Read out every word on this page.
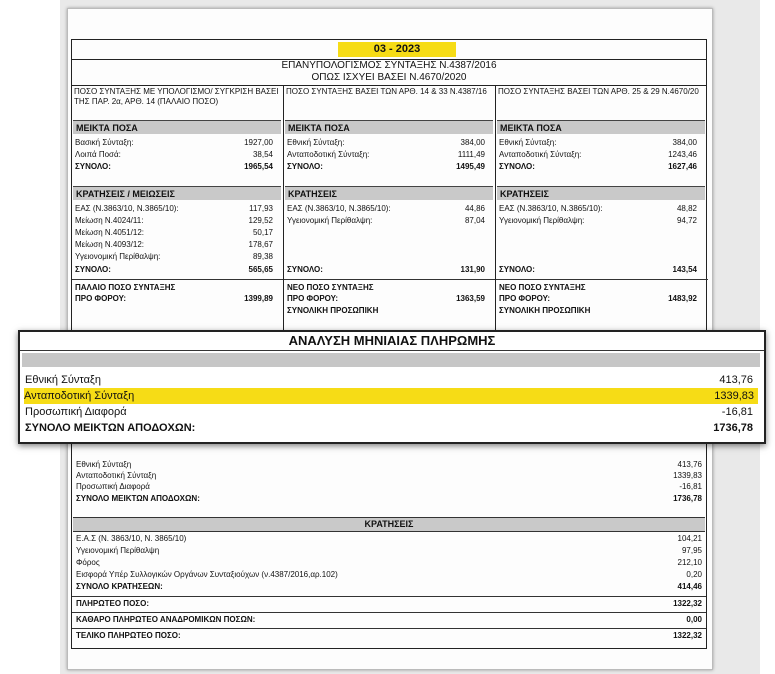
03 - 2023
ΕΠΑΝΥΠΟΛΟΓΙΣΜΟΣ ΣΥΝΤΑΞΗΣ Ν.4387/2016
ΟΠΩΣ ΙΣΧΥΕΙ ΒΑΣΕΙ Ν.4670/2020
ΠΟΣΟ ΣΥΝΤΑΞΗΣ ΜΕ ΥΠΟΛΟΓΙΣΜΟ/ ΣΥΓΚΡΙΣΗ ΒΑΣΕΙ ΤΗΣ ΠΑΡ. 2α, ΑΡΘ. 14 (ΠΑΛΑΙΟ ΠΟΣΟ)
ΜΕΙΚΤΑ ΠΟΣΑ
Βασική Σύνταξη:	1927,00
Λοιπά Ποσά:	38,54
ΣΥΝΟΛΟ:	1965,54
ΚΡΑΤΗΣΕΙΣ / ΜΕΙΩΣΕΙΣ
ΕΑΣ (Ν.3863/10, Ν.3865/10):	117,93
Μείωση Ν.4024/11:	129,52
Μείωση Ν.4051/12:	50,17
Μείωση Ν.4093/12:	178,67
Υγειονομική Περίθαλψη:	89,38
ΣΥΝΟΛΟ:	565,65
ΠΑΛΑΙΟ ΠΟΣΟ ΣΥΝΤΑΞΗΣ
ΠΡΟ ΦΟΡΟΥ:	1399,89
ΠΟΣΟ ΣΥΝΤΑΞΗΣ ΒΑΣΕΙ ΤΩΝ ΑΡΘ. 14 & 33 Ν.4387/16
ΜΕΙΚΤΑ ΠΟΣΑ
Εθνική Σύνταξη:	384,00
Ανταποδοτική Σύνταξη:	1111,49
ΣΥΝΟΛΟ:	1495,49
ΚΡΑΤΗΣΕΙΣ
ΕΑΣ (Ν.3863/10, Ν.3865/10):	44,86
Υγειονομική Περίθαλψη:	87,04
ΣΥΝΟΛΟ:	131,90
ΝΕΟ ΠΟΣΟ ΣΥΝΤΑΞΗΣ
ΠΡΟ ΦΟΡΟΥ:	1363,59
ΣΥΝΟΛΙΚΗ ΠΡΟΣΩΠΙΚΗ
ΠΟΣΟ ΣΥΝΤΑΞΗΣ ΒΑΣΕΙ ΤΩΝ ΑΡΘ. 25 & 29 Ν.4670/20
ΜΕΙΚΤΑ ΠΟΣΑ
Εθνική Σύνταξη:	384,00
Ανταποδοτική Σύνταξη:	1243,46
ΣΥΝΟΛΟ:	1627,46
ΚΡΑΤΗΣΕΙΣ
ΕΑΣ (Ν.3863/10, Ν.3865/10):	48,82
Υγειονομική Περίθαλψη:	94,72
ΣΥΝΟΛΟ:	143,54
ΝΕΟ ΠΟΣΟ ΣΥΝΤΑΞΗΣ
ΠΡΟ ΦΟΡΟΥ:	1483,92
ΣΥΝΟΛΙΚΗ ΠΡΟΣΩΠΙΚΗ
Εθνική Σύνταξη	413,76
Ανταποδοτική Σύνταξη	1339,83
Προσωπική Διαφορά	-16,81
ΣΥΝΟΛΟ ΜΕΙΚΤΩΝ ΑΠΟΔΟΧΩΝ:	1736,78
ΚΡΑΤΗΣΕΙΣ
Ε.Α.Σ (Ν. 3863/10, Ν. 3865/10)	104,21
Υγειονομική Περίθαλψη	97,95
Φόρος	212,10
Εισφορά Υπέρ Συλλογικών Οργάνων Συνταξιούχων (ν.4387/2016,αρ.102)	0,20
ΣΥΝΟΛΟ ΚΡΑΤΗΣΕΩΝ:	414,46
ΠΛΗΡΩΤΕΟ ΠΟΣΟ:	1322,32
ΚΑΘΑΡΟ ΠΛΗΡΩΤΕΟ ΑΝΑΔΡΟΜΙΚΩΝ ΠΟΣΩΝ:	0,00
ΤΕΛΙΚΟ ΠΛΗΡΩΤΕΟ ΠΟΣΟ:	1322,32
ΑΝΑΛΥΣΗ ΜΗΝΙΑΙΑΣ ΠΛΗΡΩΜΗΣ
Εθνική Σύνταξη	413,76
Ανταποδοτική Σύνταξη	1339,83
Προσωπική Διαφορά	-16,81
ΣΥΝΟΛΟ ΜΕΙΚΤΩΝ ΑΠΟΔΟΧΩΝ:	1736,78
